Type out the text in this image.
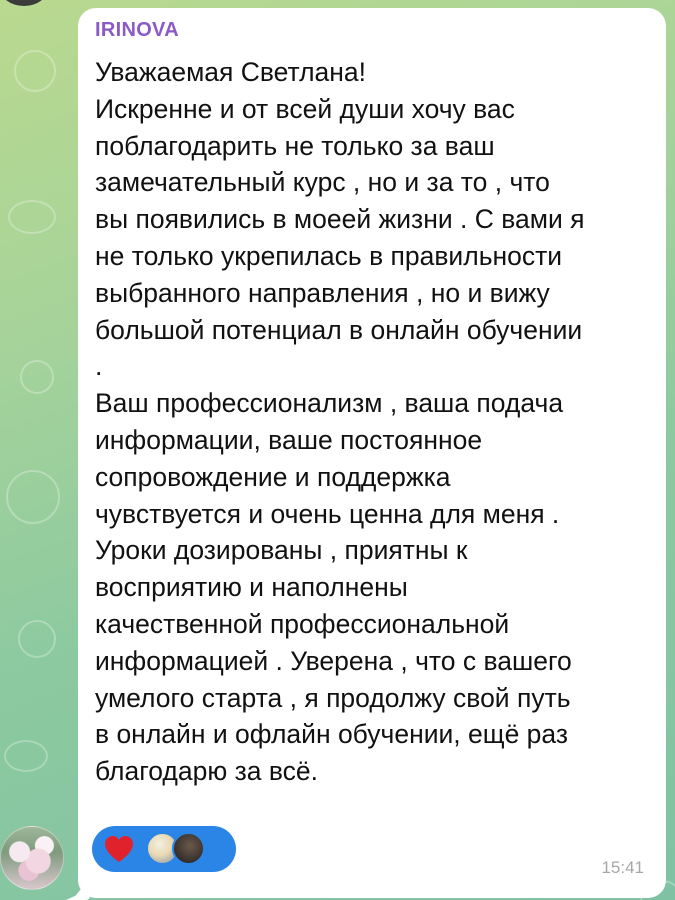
IRINOVA
Уважаемая Светлана!
Искренне и от всей души хочу вас
поблагодарить не только за ваш
замечательный курс , но и за то , что
вы появились в моеей жизни . С вами я
не только укрепилась в правильности
выбранного направления , но и вижу
большой потенциал в онлайн обучении
.
Ваш профессионализм , ваша подача
информации, ваше постоянное
сопровождение и поддержка
чувствуется и очень ценна для меня .
Уроки дозированы , приятны к
восприятию и наполнены
качественной профессиональной
информацией . Уверена , что с вашего
умелого старта , я продолжу свой путь
в онлайн и офлайн обучении, ещё раз
благодарю за всё.
15:41
